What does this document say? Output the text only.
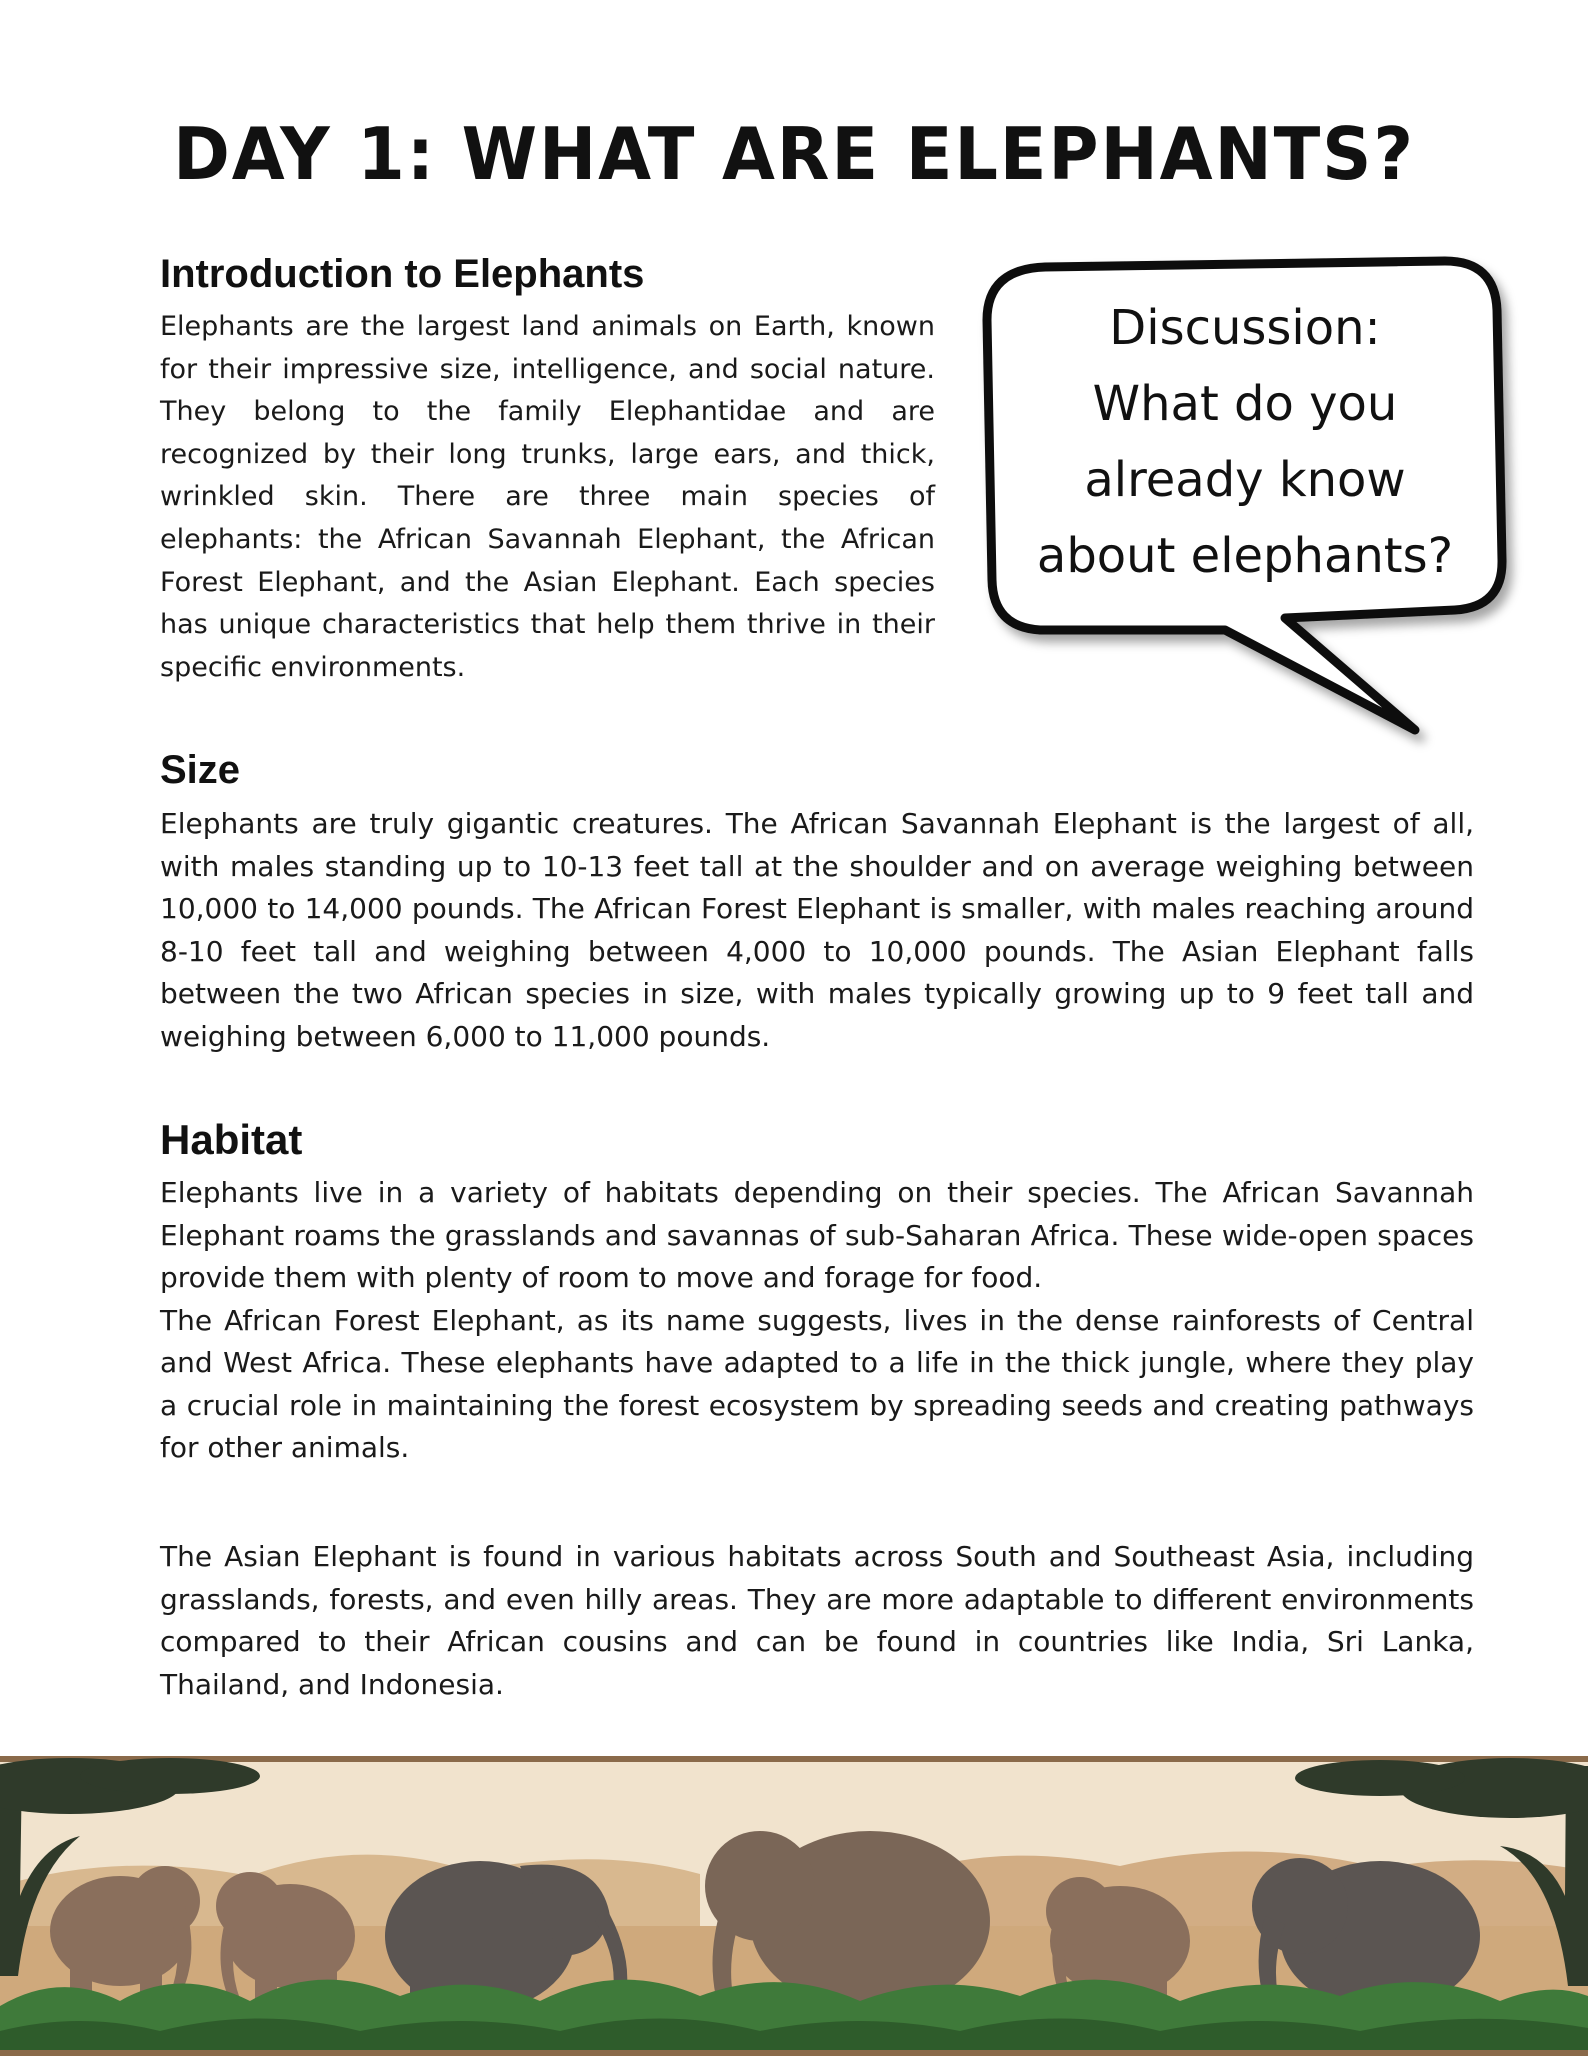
DAY 1: WHAT ARE ELEPHANTS?
Introduction to Elephants

Elephants are the largest land animals on Earth, known for their impressive size, intelligence, and social nature. They belong to the family Elephantidae and are recognized by their long trunks, large ears, and thick, wrinkled skin. There are three main species of elephants: the African Savannah Elephant, the African Forest Elephant, and the Asian Elephant. Each species has unique characteristics that help them thrive in their specific environments.

Discussion:
What do you
already know
about elephants?
Size

Elephants are truly gigantic creatures. The African Savannah Elephant is the largest of all, with males standing up to 10-13 feet tall at the shoulder and on average weighing between 10,000 to 14,000 pounds. The African Forest Elephant is smaller, with males reaching around 8-10 feet tall and weighing between 4,000 to 10,000 pounds. The Asian Elephant falls between the two African species in size, with males typically growing up to 9 feet tall and weighing between 6,000 to 11,000 pounds.

Habitat
Elephants live in a variety of habitats depending on their species. The African Savannah Elephant roams the grasslands and savannas of sub-Saharan Africa. These wide-open spaces provide them with plenty of room to move and forage for food.
The African Forest Elephant, as its name suggests, lives in the dense rainforests of Central and West Africa. These elephants have adapted to a life in the thick jungle, where they play a crucial role in maintaining the forest ecosystem by spreading seeds and creating pathways for other animals.

The Asian Elephant is found in various habitats across South and Southeast Asia, including grasslands, forests, and even hilly areas. They are more adaptable to different environments compared to their African cousins and can be found in countries like India, Sri Lanka, Thailand, and Indonesia.
